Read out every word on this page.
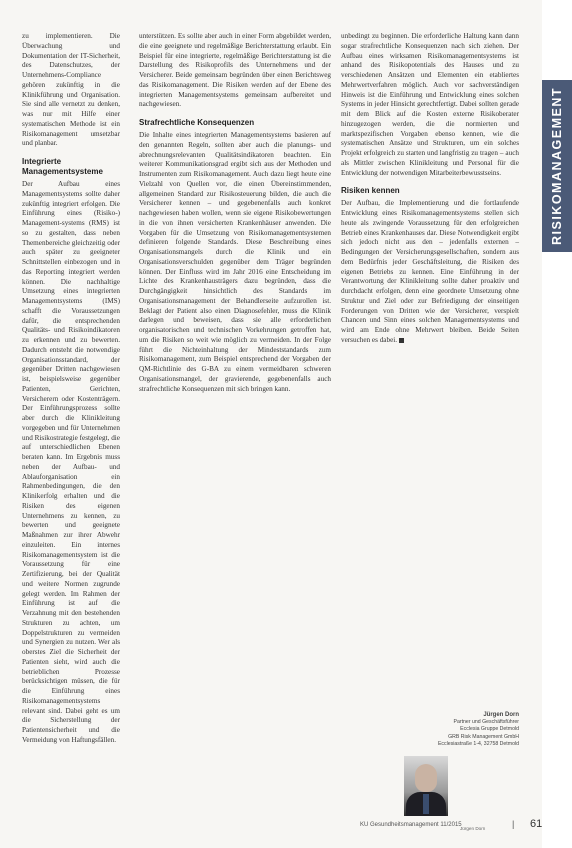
zu implementieren. Die Überwachung und Dokumentation der IT-Sicherheit, des Datenschutzes, der Unternehmens-Compliance gehören zukünftig in die Klinikführung und Organisation. Sie sind alle vernetzt zu denken, was nur mit Hilfe einer systematischen Methode ist ein Risikomanagement umsetzbar und planbar.

Integrierte Managementsysteme

Der Aufbau eines Managementsystems sollte daher zukünftig integriert erfolgen. Die Einführung eines (Risiko-) Management-systems (RMS) ist so zu gestalten, dass neben Themenbereiche gleichzeitig oder auch später zu geeigneter Schnittstellen einbezogen und in das Reporting integriert werden können. Die nachhaltige Umsetzung eines integrierten Managementsystems (IMS) schafft die Voraussetzungen dafür, die entsprechenden Qualitäts- und Risikoindikatoren zu erkennen und zu bewerten. Dadurch entsteht die notwendige Organisationsstandard, der gegenüber Dritten nachgewiesen ist, beispielsweise gegenüber Patienten, Gerichten, Versicherern oder Kostenträgern. Der Einführungsprozess sollte aber durch die Klinikleitung vorgegeben und für Unternehmen und Risikostrategie festgelegt, die auf unterschiedlichen Ebenen beraten kann. Im Ergebnis muss neben der Aufbau- und Ablauforganisation ein Rahmenbedingungen, die den Klinikerfolg erhalten und die Risiken des eigenen Unternehmens zu kennen, zu bewerten und geeignete Maßnahmen zur ihrer Abwehr einzuleiten. Ein internes Risikomanagementsystem ist die Voraussetzung für eine Zertifizierung, bei der Qualität und weitere Normen zugrunde gelegt werden. Im Rahmen der Einführung ist auf die Verzahnung mit den bestehenden Strukturen zu achten, um Doppelstrukturen zu vermeiden und Synergien zu nutzen. Wer als oberstes Ziel die Sicherheit der Patienten sieht, wird auch die betrieblichen Prozesse berücksichtigen müssen, die für die Einführung eines Risikomanagementsystems relevant sind. Dabei geht es um die Sicherstellung der Patientensicherheit und die Vermeidung von Haftungsfällen.

unterstützen. Es sollte aber auch in einer Form abgebildet werden, die eine geeignete und regelmäßige Berichterstattung erlaubt. Ein Beispiel für eine integrierte, regelmäßige Berichterstattung ist die Darstellung des Risikoprofils des Unternehmens und der Versicherer. Beide gemeinsam begründen über einen Berichtsweg das Risikomanagement. Die Risiken werden auf der Ebene des integrierten Managementsystems gemeinsam aufbereitet und nachgewiesen.

Strafrechtliche Konsequenzen

Die Inhalte eines integrierten Managementsystems basieren auf den genannten Regeln, sollten aber auch die planungs- und abrechnungsrelevanten Qualitätsindikatoren beachten. Ein weiterer Kommunikationsgrad ergibt sich aus der Methoden und Instrumenten zum Risikomanagement. Auch dazu liegt heute eine Vielzahl von Quellen vor, die einen Übereinstimmenden, allgemeinen Standard zur Risikosteuerung bilden, die auch die Versicherer kennen – und gegebenenfalls auch konkret nachgewiesen haben wollen, wenn sie eigene Risikobewertungen in die von ihnen versicherten Krankenhäuser anwenden. Die Vorgaben für die Umsetzung von Risikomanagementsystemen definieren folgende Standards. Diese Beschreibung eines Organisationsmangels durch die Klinik und ein Organisationsverschulden gegenüber dem Träger begründen können. Der Einfluss wird im Jahr 2016 eine Entscheidung im Lichte des Krankenhausträgers dazu begründen, dass die Durchgängigkeit hinsichtlich des Standards im Organisationsmanagement der Behandlerseite aufzurollen ist. Beklagt der Patient also einen Diagnosefehler, muss die Klinik darlegen und beweisen, dass sie alle erforderlichen organisatorischen und technischen Vorkehrungen getroffen hat, um die Risiken so weit wie möglich zu vermeiden. In der Folge führt die Nichteinhaltung der Mindeststandards zum Risikomanagement, zum Beispiel entsprechend der Vorgaben der QM-Richtlinie des G-BA zu einem vermeidbaren schweren Organisationsmangel, der gravierende, gegebenenfalls auch strafrechtliche Konsequenzen mit sich bringen kann.

unbedingt zu beginnen. Die erforderliche Haltung kann dann sogar strafrechtliche Konsequenzen nach sich ziehen. Der Aufbau eines wirksamen Risikomanagementsystems ist anhand des Risikopotentials des Hauses und zu verschiedenen Ansätzen und Elementen ein etabliertes Mehrwertverfahren möglich. Auch vor sachverständigen Hinweis ist die Einführung und Entwicklung eines solchen Systems in jeder Hinsicht gerechtfertigt. Dabei sollten gerade mit dem Blick auf die Kosten externe Risikoberater hinzugezogen werden, die die normierten und marktspezifischen Vorgaben ebenso kennen, wie die systematischen Ansätze und Strukturen, um ein solches Projekt erfolgreich zu starten und langfristig zu tragen – auch als Mittler zwischen Klinikleitung und Personal für die Entwicklung der notwendigen Mitarbeiterbewusstseins.

Risiken kennen

Der Aufbau, die Implementierung und die fortlaufende Entwicklung eines Risikomanagementsystems stellen sich heute als zwingende Voraussetzung für den erfolgreichen Betrieb eines Krankenhauses dar. Diese Notwendigkeit ergibt sich jedoch nicht aus den – jedenfalls externen – Bedingungen der Versicherungsgesellschaften, sondern aus dem Bedürfnis jeder Geschäftsleitung, die Risiken des eigenen Betriebs zu kennen. Eine Einführung in der Verantwortung der Klinikleitung sollte daher proaktiv und durchdacht erfolgen, denn eine geordnete Umsetzung ohne Struktur und Ziel oder zur Befriedigung der einseitigen Forderungen von Dritten wie der Versicherer, verspielt Chancen und Sinn eines solchen Managementsystems und wird am Ende ohne Mehrwert bleiben. Beide Seiten versuchen es dabei.

Jürgen Dorn
Partner und Geschäftsführer
Ecclesia Gruppe Detmold
GRB Risk Management GmbH
Ecclesiastraße 1-4, 32758 Detmold
Jürgen Dorn
RISIKOMANAGEMENT
KU Gesundheitsmanagement 11/2015	| 61
